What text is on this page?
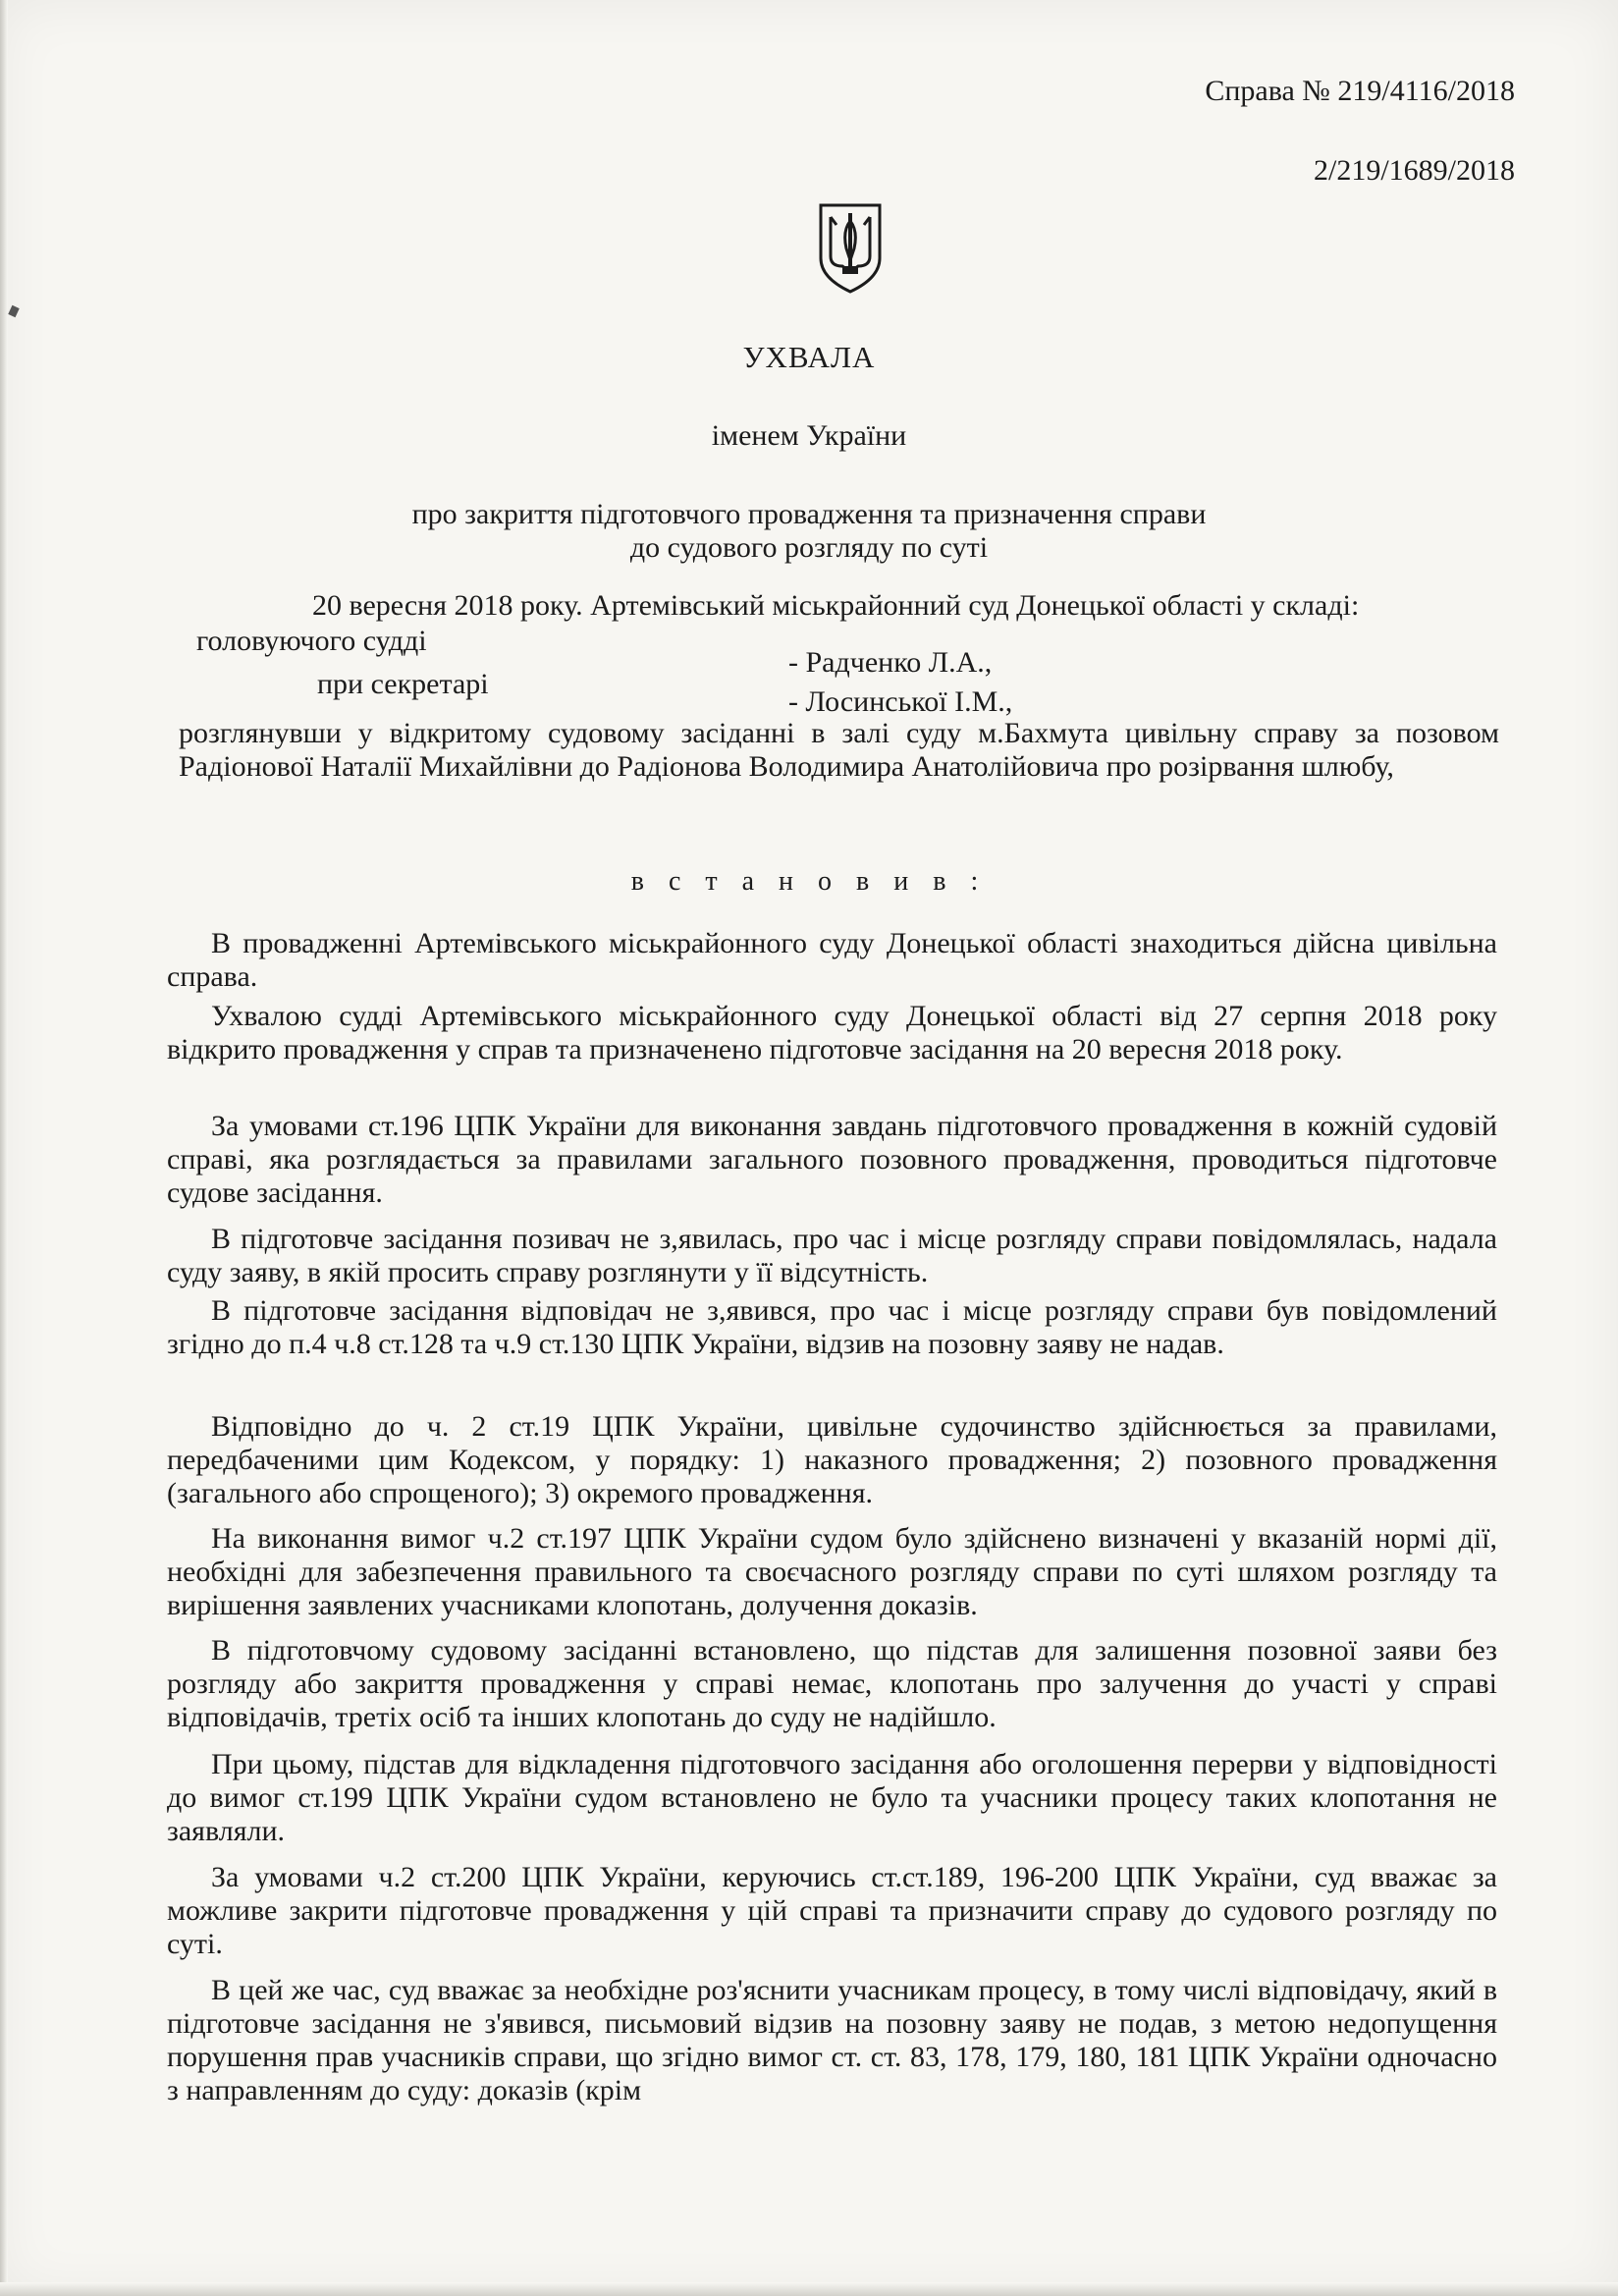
Справа № 219/4116/2018
2/219/1689/2018
УХВАЛА
іменем України
про закриття підготовчого провадження та призначення справи
до судового розгляду по суті
20 вересня 2018 року. Артемівський міськрайонний суд Донецької області у складі:
головуючого судді
- Радченко Л.А.,
при секретарі
- Лосинської І.М.,
розглянувши у відкритому судовому засіданні в залі суду м.Бахмута цивільну справу за позовом Радіонової Наталії Михайлівни до Радіонова Володимира Анатолійовича про розірвання шлюбу,
в с т а н о в и в :
В провадженні Артемівського міськрайонного суду Донецької області знаходиться дійсна цивільна справа.
Ухвалою судді Артемівського міськрайонного суду Донецької області від 27 серпня 2018 року відкрито провадження у справ та призначенено підготовче засідання на 20 вересня 2018 року.
За умовами ст.196 ЦПК України для виконання завдань підготовчого провадження в кожній судовій справі, яка розглядається за правилами загального позовного провадження, проводиться підготовче судове засідання.
В підготовче засідання позивач не з,явилась, про час і місце розгляду справи повідомлялась, надала суду заяву, в якій просить справу розглянути у її відсутність.
В підготовче засідання відповідач не з,явився, про час і місце розгляду справи був повідомлений згідно до п.4 ч.8 ст.128 та ч.9 ст.130 ЦПК України, відзив на позовну заяву не надав.
Відповідно до ч. 2 ст.19 ЦПК України, цивільне судочинство здійснюється за правилами, передбаченими цим Кодексом, у порядку: 1) наказного провадження; 2) позовного провадження (загального або спрощеного); 3) окремого провадження.
На виконання вимог ч.2 ст.197 ЦПК України судом було здійснено визначені у вказаній нормі дії, необхідні для забезпечення правильного та своєчасного розгляду справи по суті шляхом розгляду та вирішення заявлених учасниками клопотань, долучення доказів.
В підготовчому судовому засіданні встановлено, що підстав для залишення позовної заяви без розгляду або закриття провадження у справі немає, клопотань про залучення до участі у справі відповідачів, третіх осіб та інших клопотань до суду не надійшло.
При цьому, підстав для відкладення підготовчого засідання або оголошення перерви у відповідності до вимог ст.199 ЦПК України судом встановлено не було та учасники процесу таких клопотання не заявляли.
За умовами ч.2 ст.200 ЦПК України, керуючись ст.ст.189, 196-200 ЦПК України, суд вважає за можливе закрити підготовче провадження у цій справі та призначити справу до судового розгляду по суті.
В цей же час, суд вважає за необхідне роз'яснити учасникам процесу, в тому числі відповідачу, який в підготовче засідання не з'явився, письмовий відзив на позовну заяву не подав, з метою недопущення порушення прав учасників справи, що згідно вимог ст. ст. 83, 178, 179, 180, 181 ЦПК України одночасно з направленням до суду: доказів (крім
